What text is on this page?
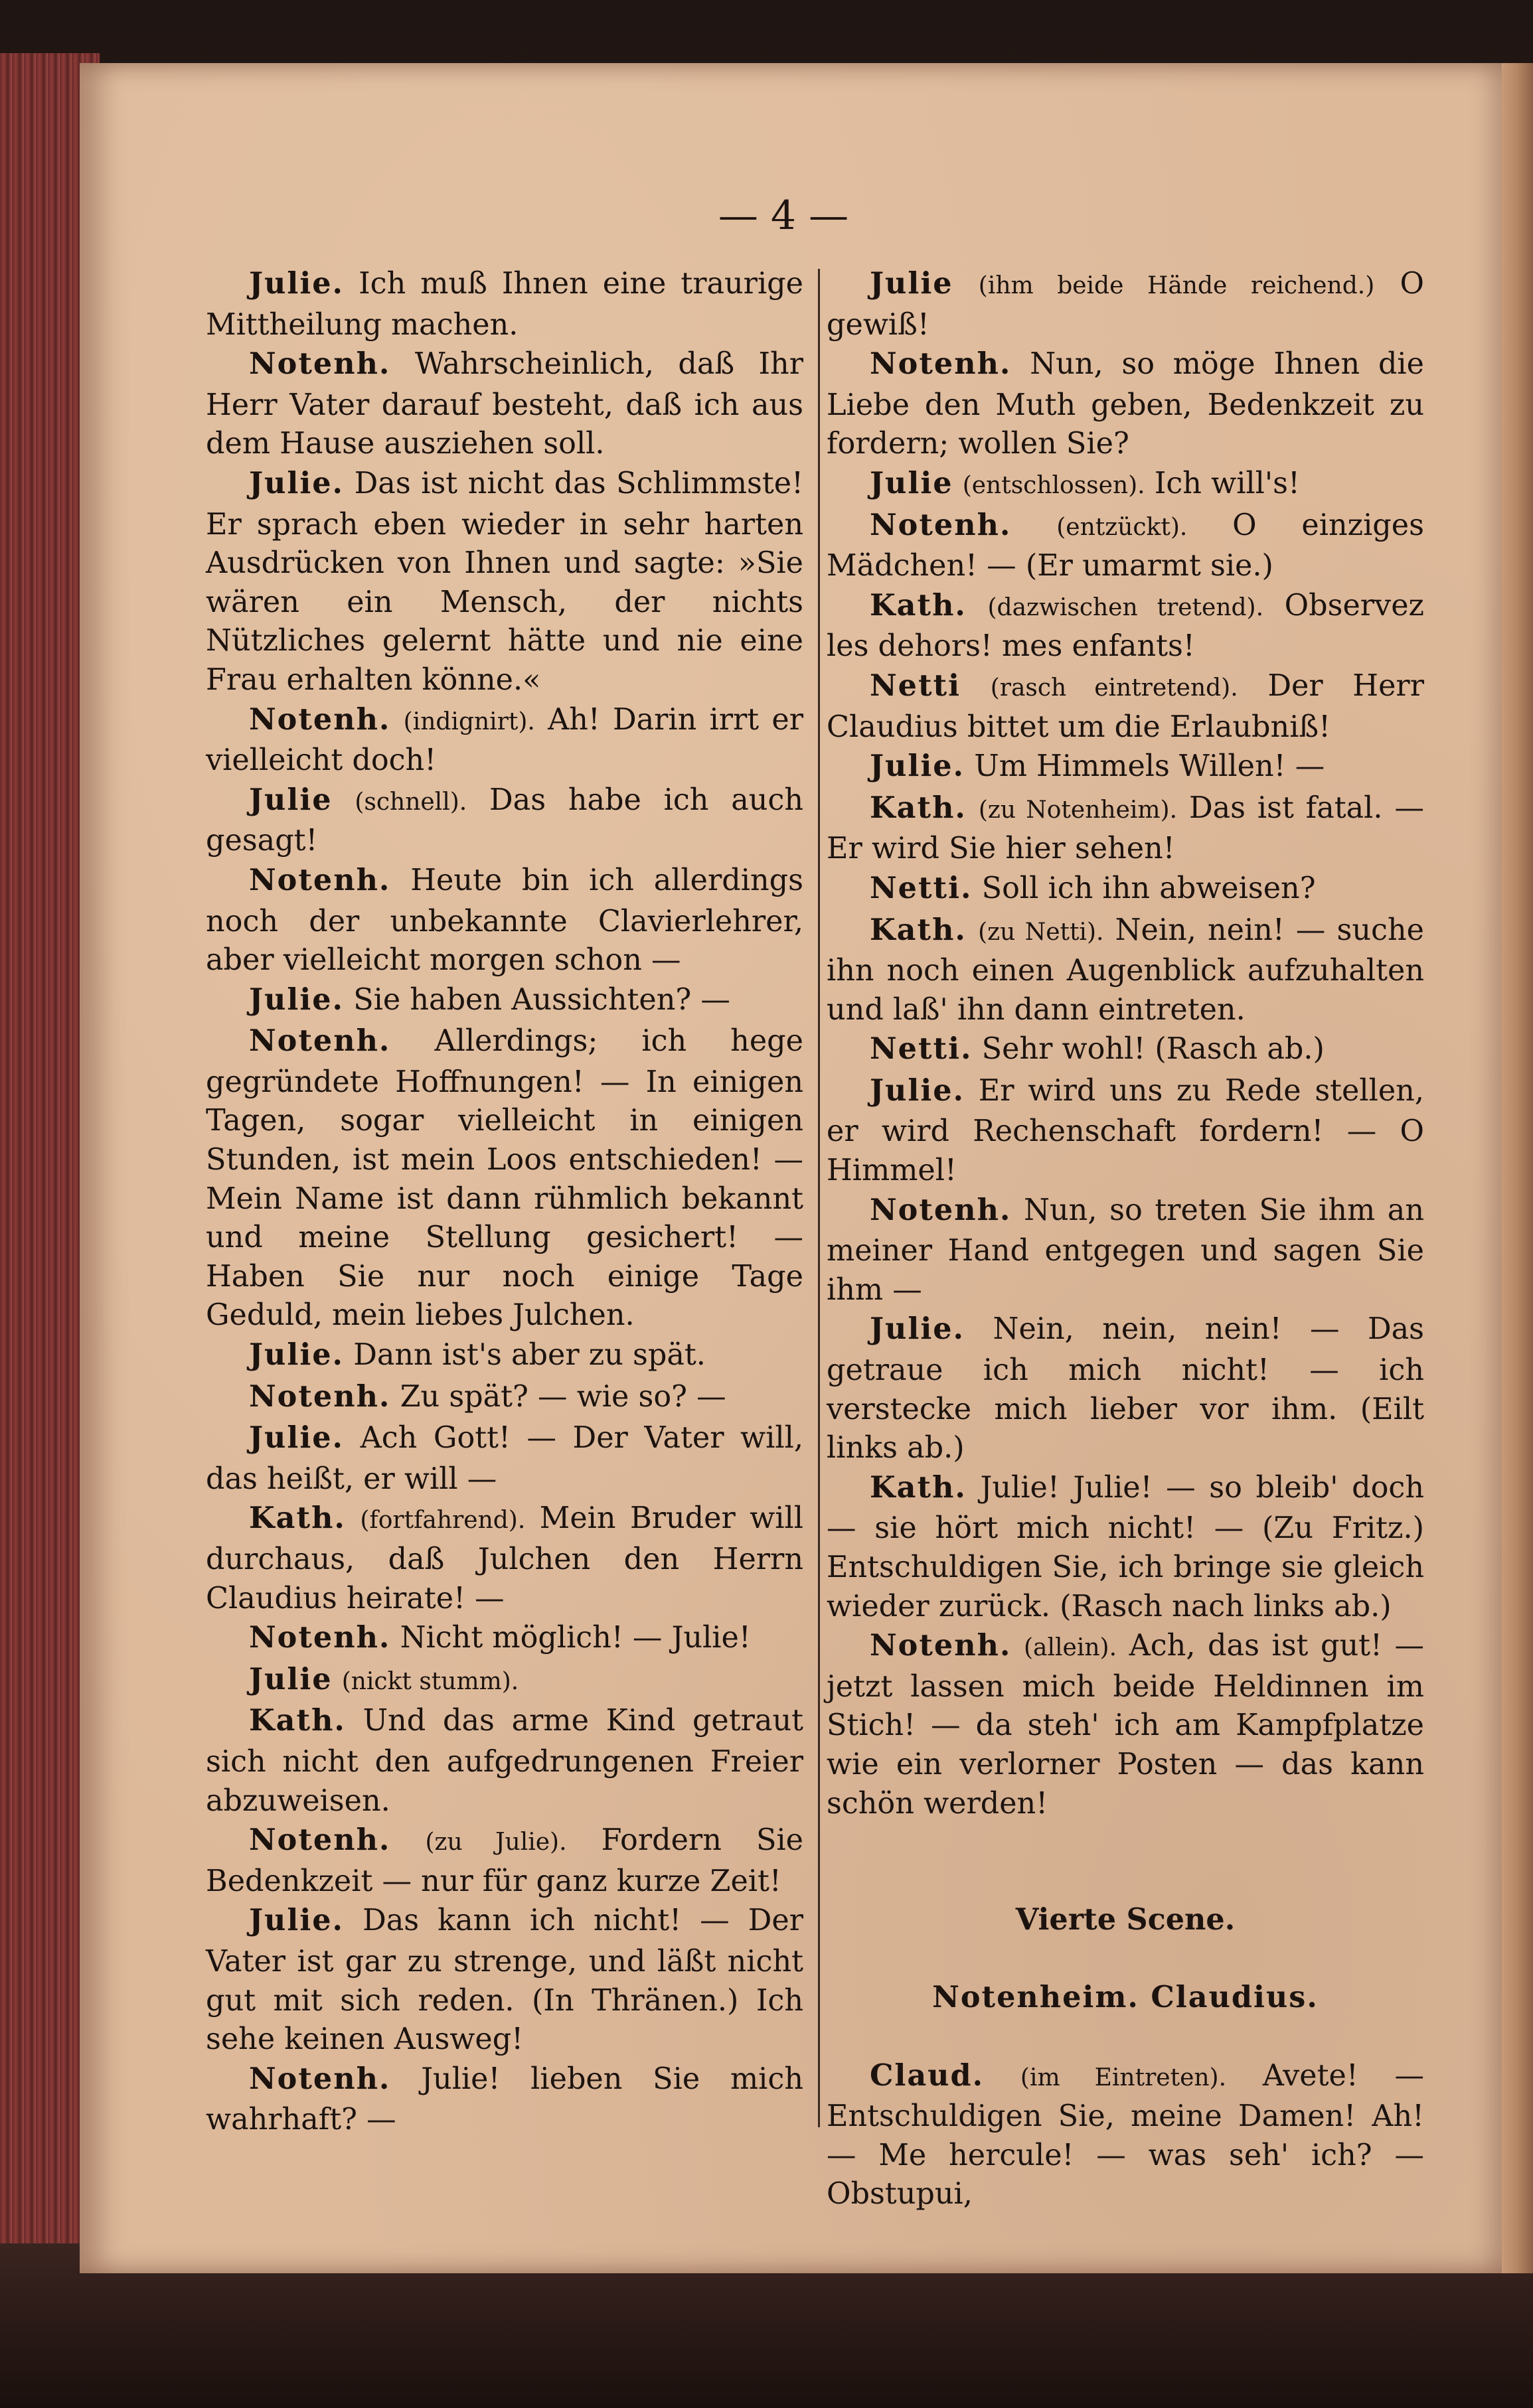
— 4 —

Julie. Ich muß Ihnen eine traurige Mittheilung machen.

Notenh. Wahrscheinlich, daß Ihr Herr Vater darauf besteht, daß ich aus dem Hause ausziehen soll.

Julie. Das ist nicht das Schlimmste! Er sprach eben wieder in sehr harten Ausdrücken von Ihnen und sagte: »Sie wären ein Mensch, der nichts Nützliches gelernt hätte und nie eine Frau erhalten könne.«

Notenh. (indignirt). Ah! Darin irrt er vielleicht doch!

Julie (schnell). Das habe ich auch gesagt!

Notenh. Heute bin ich allerdings noch der unbekannte Clavierlehrer, aber vielleicht morgen schon —

Julie. Sie haben Aussichten? —

Notenh. Allerdings; ich hege gegründete Hoffnungen! — In einigen Tagen, sogar vielleicht in einigen Stunden, ist mein Loos entschieden! — Mein Name ist dann rühmlich bekannt und meine Stellung gesichert! — Haben Sie nur noch einige Tage Geduld, mein liebes Julchen.

Julie. Dann ist's aber zu spät.

Notenh. Zu spät? — wie so? —

Julie. Ach Gott! — Der Vater will, das heißt, er will —

Kath. (fortfahrend). Mein Bruder will durchaus, daß Julchen den Herrn Claudius heirate! —

Notenh. Nicht möglich! — Julie!

Julie (nickt stumm).

Kath. Und das arme Kind getraut sich nicht den aufgedrungenen Freier abzuweisen.

Notenh. (zu Julie). Fordern Sie Bedenkzeit — nur für ganz kurze Zeit!

Julie. Das kann ich nicht! — Der Vater ist gar zu strenge, und läßt nicht gut mit sich reden. (In Thränen.) Ich sehe keinen Ausweg!

Notenh. Julie! lieben Sie mich wahrhaft? —

Julie (ihm beide Hände reichend.) O gewiß!

Notenh. Nun, so möge Ihnen die Liebe den Muth geben, Bedenkzeit zu fordern; wollen Sie?

Julie (entschlossen). Ich will's!

Notenh. (entzückt). O einziges Mädchen! — (Er umarmt sie.)

Kath. (dazwischen tretend). Observez les dehors! mes enfants!

Netti (rasch eintretend). Der Herr Claudius bittet um die Erlaubniß!

Julie. Um Himmels Willen! —

Kath. (zu Notenheim). Das ist fatal. — Er wird Sie hier sehen!

Netti. Soll ich ihn abweisen?

Kath. (zu Netti). Nein, nein! — suche ihn noch einen Augenblick aufzuhalten und laß' ihn dann eintreten.

Netti. Sehr wohl! (Rasch ab.)

Julie. Er wird uns zu Rede stellen, er wird Rechenschaft fordern! — O Himmel!

Notenh. Nun, so treten Sie ihm an meiner Hand entgegen und sagen Sie ihm —

Julie. Nein, nein, nein! — Das getraue ich mich nicht! — ich verstecke mich lieber vor ihm. (Eilt links ab.)

Kath. Julie! Julie! — so bleib' doch — sie hört mich nicht! — (Zu Fritz.) Entschuldigen Sie, ich bringe sie gleich wieder zurück. (Rasch nach links ab.)

Notenh. (allein). Ach, das ist gut! — jetzt lassen mich beide Heldinnen im Stich! — da steh' ich am Kampfplatze wie ein verlorner Posten — das kann schön werden!

Vierte Scene.

Notenheim. Claudius.

Claud. (im Eintreten). Avete! — Entschuldigen Sie, meine Damen! Ah! — Me hercule! — was seh' ich? — Obstupui,
